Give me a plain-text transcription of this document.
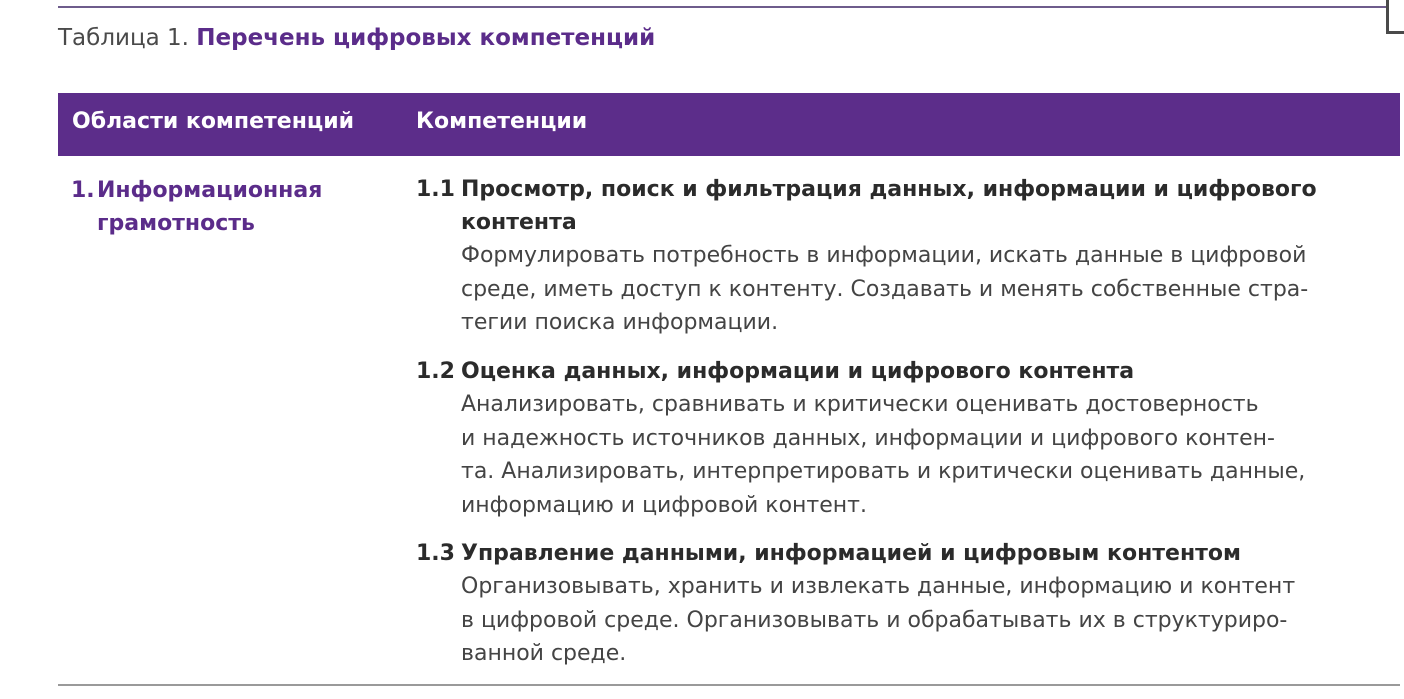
Таблица 1. Перечень цифровых компетенций
Области компетенций	Компетенции
1. Информационная
грамотность
1.1 Просмотр, поиск и фильтрация данных, информации и цифрового
контента
Формулировать потребность в информации, искать данные в цифровой
среде, иметь доступ к контенту. Создавать и менять собственные стра-
тегии поиска информации.
1.2 Оценка данных, информации и цифрового контента
Анализировать, сравнивать и критически оценивать достоверность
и надежность источников данных, информации и цифрового контен-
та. Анализировать, интерпретировать и критически оценивать данные,
информацию и цифровой контент.
1.3 Управление данными, информацией и цифровым контентом
Организовывать, хранить и извлекать данные, информацию и контент
в цифровой среде. Организовывать и обрабатывать их в структуриро-
ванной среде.
